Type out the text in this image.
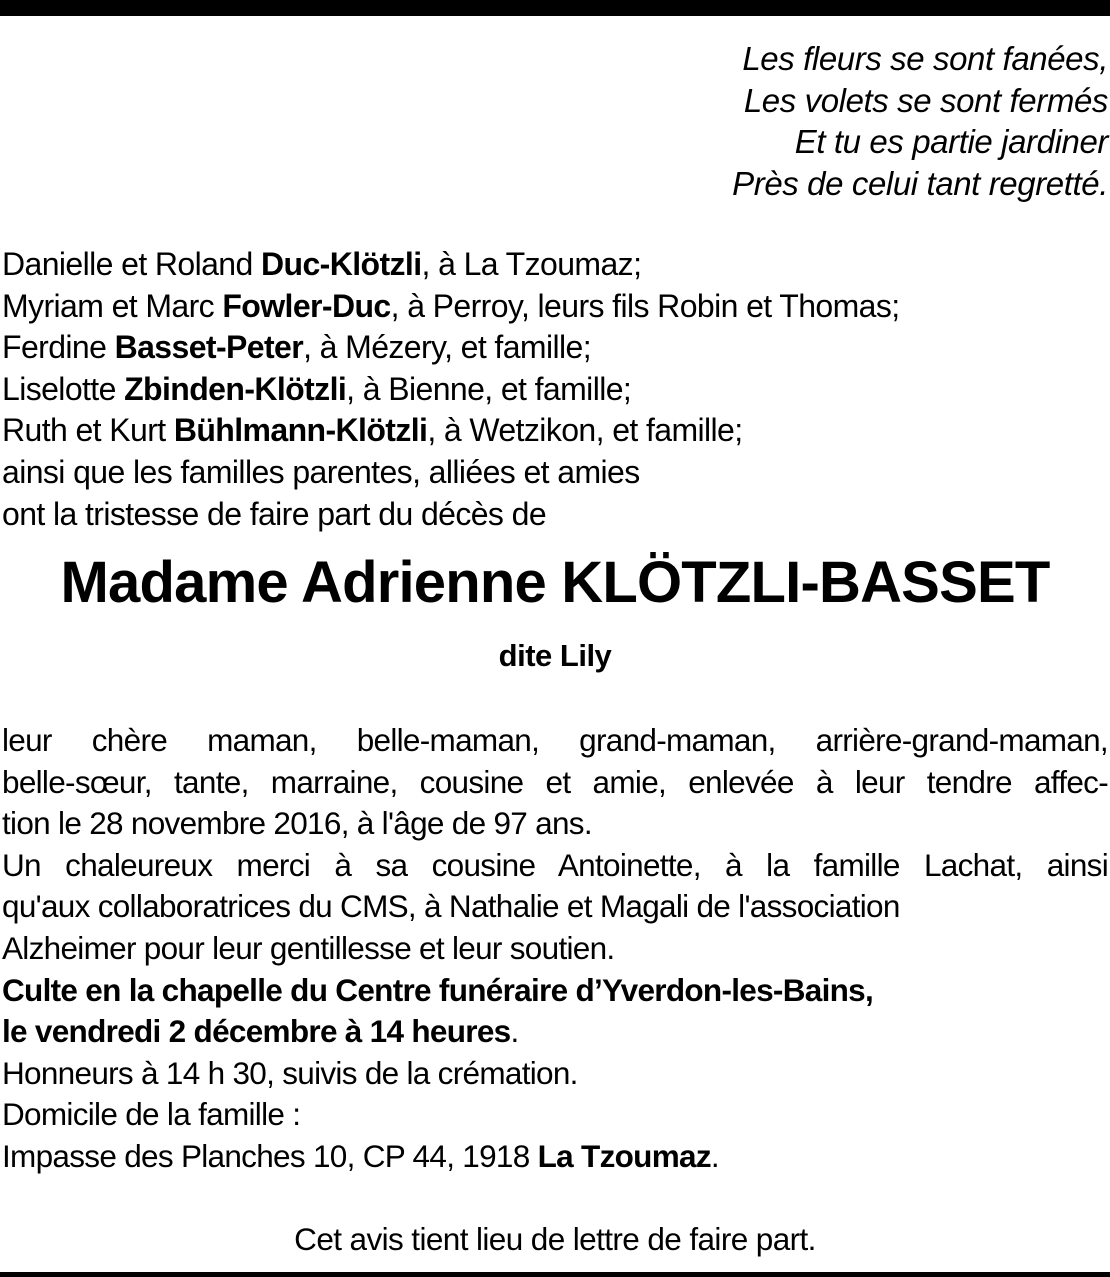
Les fleurs se sont fanées,
Les volets se sont fermés
Et tu es partie jardiner
Près de celui tant regretté.
Danielle et Roland Duc-Klötzli, à La Tzoumaz;
Myriam et Marc Fowler-Duc, à Perroy, leurs fils Robin et Thomas;
Ferdine Basset-Peter, à Mézery, et famille;
Liselotte Zbinden-Klötzli, à Bienne, et famille;
Ruth et Kurt Bühlmann-Klötzli, à Wetzikon, et famille;
ainsi que les familles parentes, alliées et amies
ont la tristesse de faire part du décès de
Madame Adrienne KLÖTZLI-BASSET
dite Lily
leur chère maman, belle-maman, grand-maman, arrière-grand-maman,
belle-sœur, tante, marraine, cousine et amie, enlevée à leur tendre affec-
tion le 28 novembre 2016, à l'âge de 97 ans.
Un chaleureux merci à sa cousine Antoinette, à la famille Lachat, ainsi
qu'aux collaboratrices du CMS, à Nathalie et Magali de l'association
Alzheimer pour leur gentillesse et leur soutien.
Culte en la chapelle du Centre funéraire d’Yverdon-les-Bains,
le vendredi 2 décembre à 14 heures.
Honneurs à 14 h 30, suivis de la crémation.
Domicile de la famille :
Impasse des Planches 10, CP 44, 1918 La Tzoumaz.
Cet avis tient lieu de lettre de faire part.
